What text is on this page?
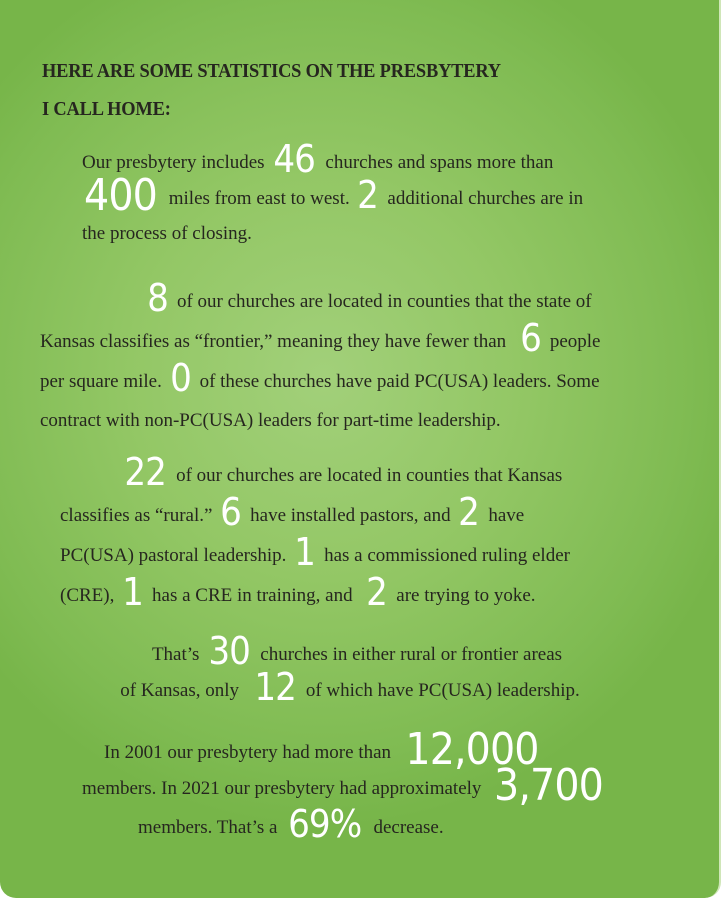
HERE ARE SOME STATISTICS ON THE PRESBYTERY
I CALL HOME:
Our presbytery includes 46 churches and spans more than
400 miles from east to west. 2 additional churches are in
the process of closing.
8 of our churches are located in counties that the state of
Kansas classifies as “frontier,” meaning they have fewer than 6 people
per square mile. 0 of these churches have paid PC(USA) leaders. Some
contract with non-PC(USA) leaders for part-time leadership.
22 of our churches are located in counties that Kansas
classifies as “rural.” 6 have installed pastors, and 2 have
PC(USA) pastoral leadership. 1 has a commissioned ruling elder
(CRE), 1 has a CRE in training, and 2 are trying to yoke.
That’s 30 churches in either rural or frontier areas
of Kansas, only 12 of which have PC(USA) leadership.
In 2001 our presbytery had more than 12,000
members. In 2021 our presbytery had approximately 3,700
members. That’s a 69% decrease.
